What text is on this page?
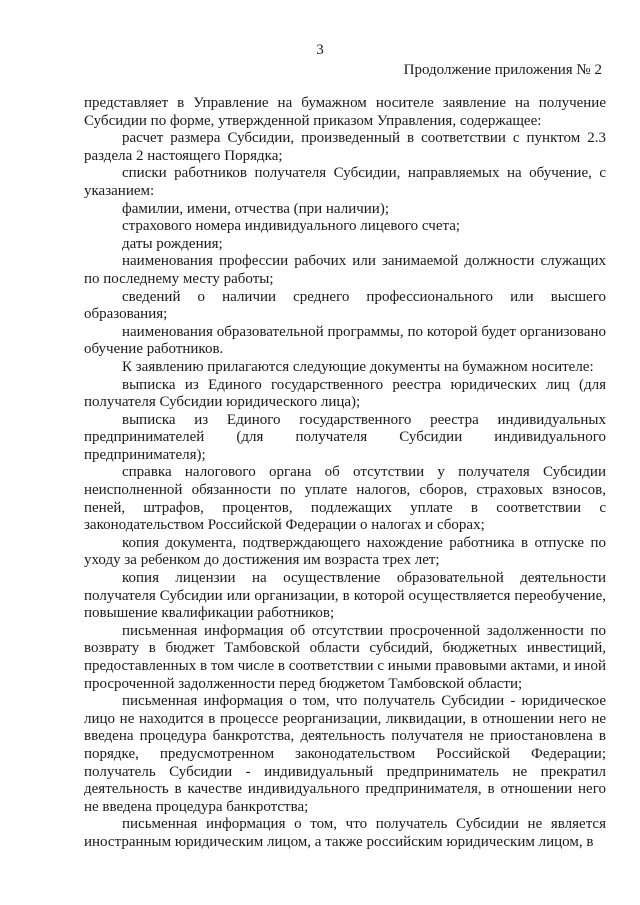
3
Продолжение приложения № 2

представляет в Управление на бумажном носителе заявление на получение Субсидии по форме, утвержденной приказом Управления, содержащее:

расчет размера Субсидии, произведенный в соответствии с пунктом 2.3 раздела 2 настоящего Порядка;

списки работников получателя Субсидии, направляемых на обучение, с указанием:

фамилии, имени, отчества (при наличии);

страхового номера индивидуального лицевого счета;

даты рождения;

наименования профессии рабочих или занимаемой должности служащих по последнему месту работы;

сведений о наличии среднего профессионального или высшего образования;

наименования образовательной программы, по которой будет организовано обучение работников.

К заявлению прилагаются следующие документы на бумажном носителе:

выписка из Единого государственного реестра юридических лиц (для получателя Субсидии юридического лица);

выписка из Единого государственного реестра индивидуальных предпринимателей (для получателя Субсидии индивидуального предпринимателя);

справка налогового органа об отсутствии у получателя Субсидии неисполненной обязанности по уплате налогов, сборов, страховых взносов, пеней, штрафов, процентов, подлежащих уплате в соответствии с законодательством Российской Федерации о налогах и сборах;

копия документа, подтверждающего нахождение работника в отпуске по уходу за ребенком до достижения им возраста трех лет;

копия лицензии на осуществление образовательной деятельности получателя Субсидии или организации, в которой осуществляется переобучение, повышение квалификации работников;

письменная информация об отсутствии просроченной задолженности по возврату в бюджет Тамбовской области субсидий, бюджетных инвестиций, предоставленных в том числе в соответствии с иными правовыми актами, и иной просроченной задолженности перед бюджетом Тамбовской области;

письменная информация о том, что получатель Субсидии - юридическое лицо не находится в процессе реорганизации, ликвидации, в отношении него не введена процедура банкротства, деятельность получателя не приостановлена в порядке, предусмотренном законодательством Российской Федерации; получатель Субсидии - индивидуальный предприниматель не прекратил деятельность в качестве индивидуального предпринимателя, в отношении него не введена процедура банкротства;

письменная информация о том, что получатель Субсидии не является иностранным юридическим лицом, а также российским юридическим лицом, в
